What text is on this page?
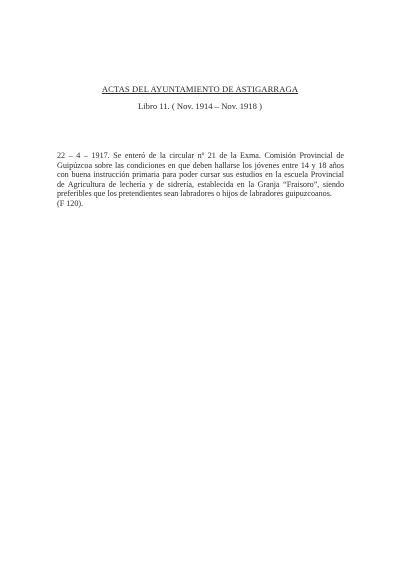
ACTAS DEL AYUNTAMIENTO DE ASTIGARRAGA
Libro 11. ( Nov. 1914 – Nov. 1918 )
22 – 4 – 1917. Se enteró de la circular nº 21 de la Exma. Comisión Provincial de
Guipúzcoa sobre las condiciones en que deben hallarse los jóvenes entre 14 y 18 años
con buena instrucción primaria para poder cursar sus estudios en la escuela Provincial
de Agricultura de lechería y de sidrería, establecida en la Granja “Fraisoro”, siendo
preferibles que los pretendientes sean labradores o hijos de labradores guipuzcoanos.
(F 120).
